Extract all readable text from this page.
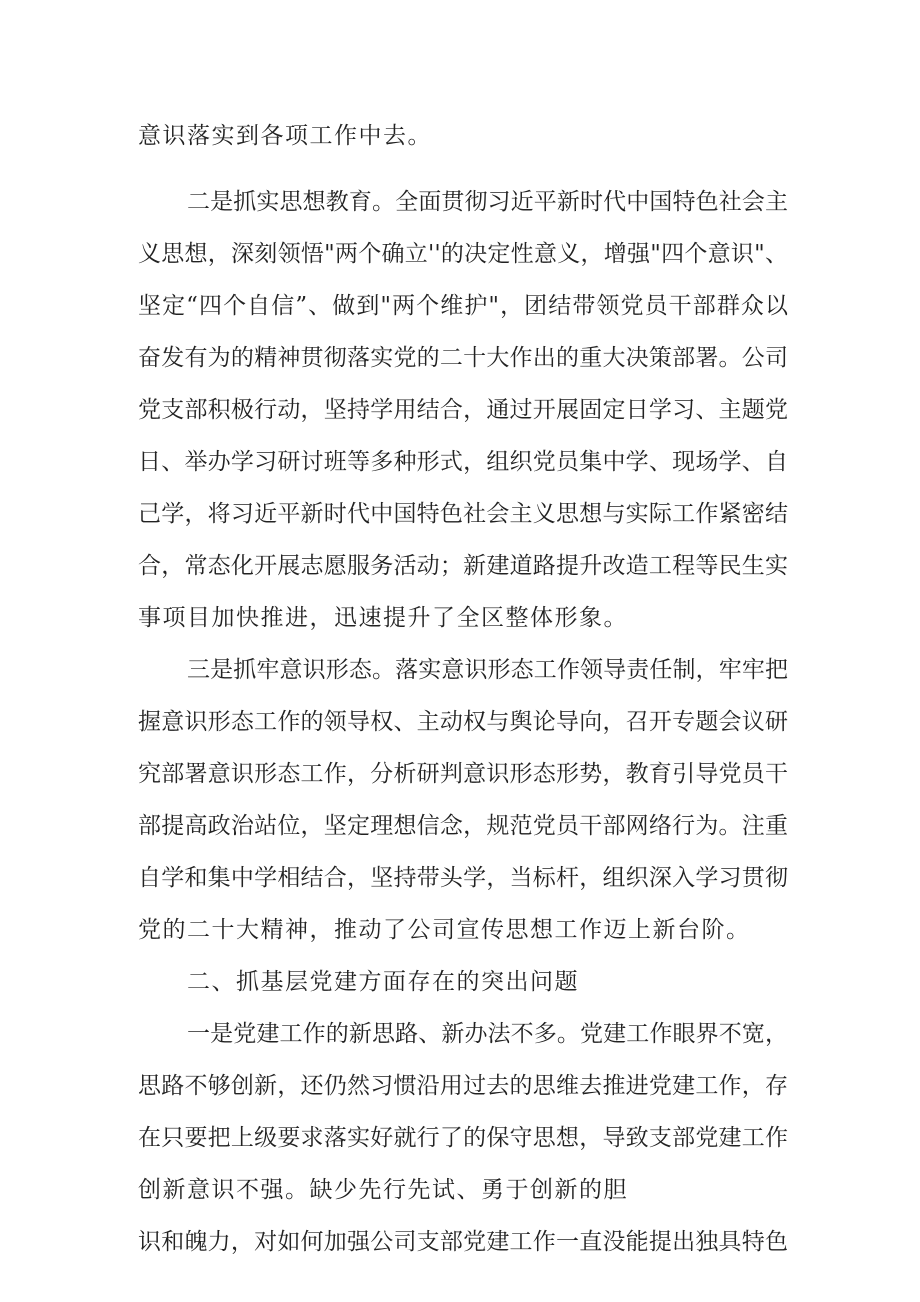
意识落实到各项工作中去。
二是抓实思想教育。全面贯彻习近平新时代中国特色社会主
义思想，深刻领悟"两个确立''的决定性意义，增强"四个意识"、
坚定“四个自信”、做到"两个维护"，团结带领党员干部群众以
奋发有为的精神贯彻落实党的二十大作出的重大决策部署。公司
党支部积极行动，坚持学用结合，通过开展固定日学习、主题党
日、举办学习研讨班等多种形式，组织党员集中学、现场学、自
己学，将习近平新时代中国特色社会主义思想与实际工作紧密结
合，常态化开展志愿服务活动；新建道路提升改造工程等民生实
事项目加快推进，迅速提升了全区整体形象。
三是抓牢意识形态。落实意识形态工作领导责任制，牢牢把
握意识形态工作的领导权、主动权与舆论导向，召开专题会议研
究部署意识形态工作，分析研判意识形态形势，教育引导党员干
部提高政治站位，坚定理想信念，规范党员干部网络行为。注重
自学和集中学相结合，坚持带头学，当标杆，组织深入学习贯彻
党的二十大精神，推动了公司宣传思想工作迈上新台阶。
二、抓基层党建方面存在的突出问题
一是党建工作的新思路、新办法不多。党建工作眼界不宽，
思路不够创新，还仍然习惯沿用过去的思维去推进党建工作，存
在只要把上级要求落实好就行了的保守思想，导致支部党建工作
创新意识不强。缺少先行先试、勇于创新的胆
识和魄力，对如何加强公司支部党建工作一直没能提出独具特色
